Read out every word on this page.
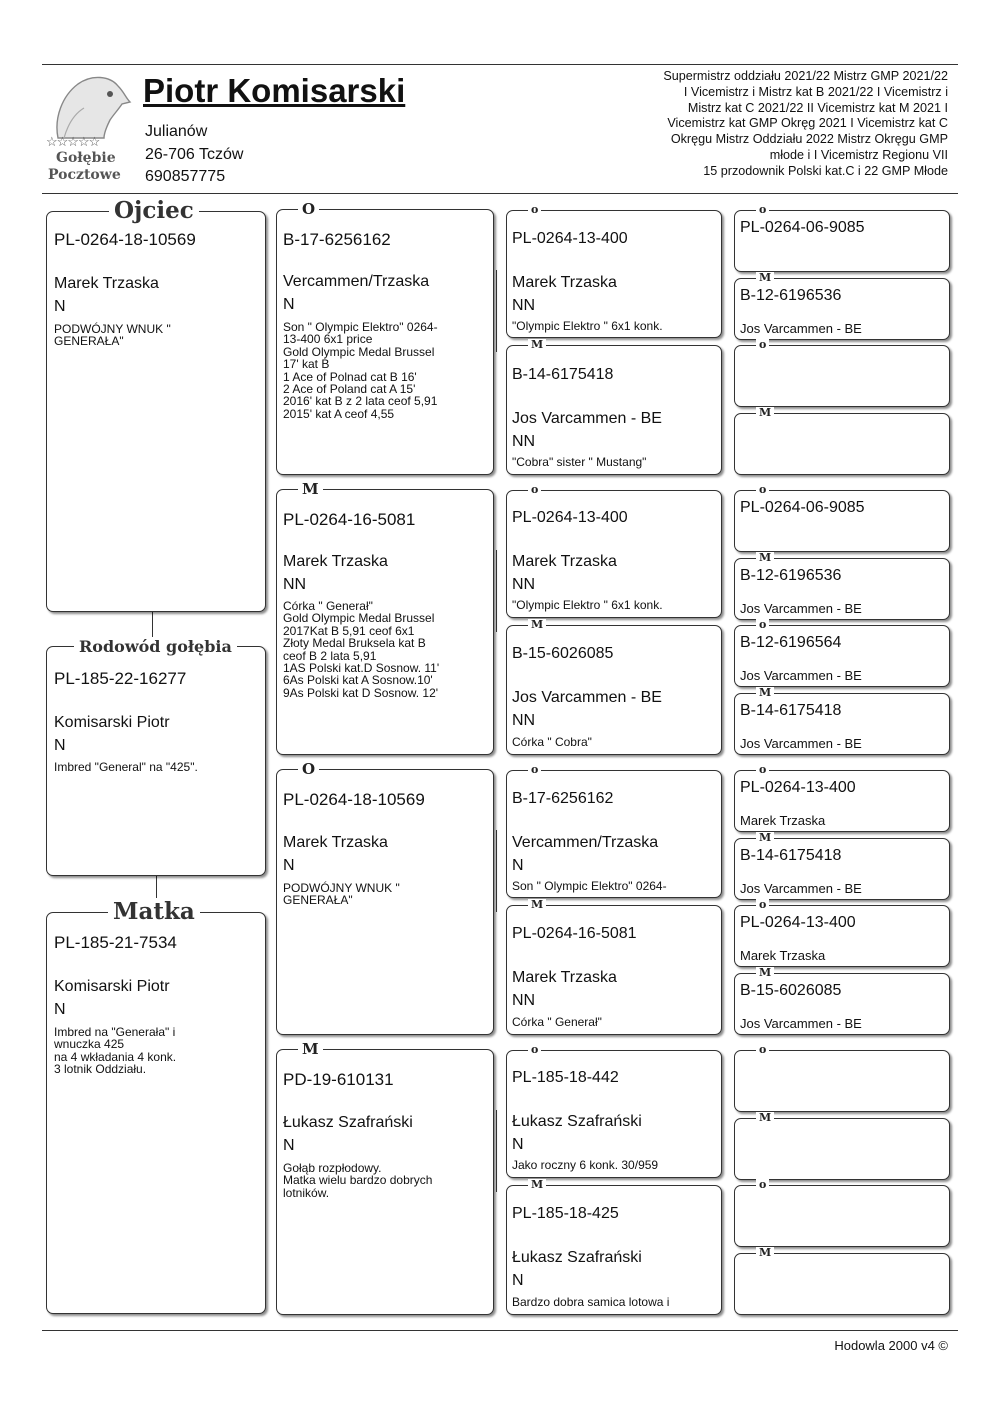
☆☆☆☆☆
Gołębie
Pocztowe
Piotr Komisarski
Julianów
26-706 Tczów
690857775
Supermistrz oddziału 2021/22 Mistrz GMP 2021/22
I Vicemistrz i Mistrz kat B 2021/22 I Vicemistrz i
Mistrz kat C 2021/22 II Vicemistrz kat M 2021 I
Vicemistrz kat GMP Okręg 2021 I Vicemistrz kat C
Okręgu Mistrz Oddziału 2022 Mistrz Okręgu GMP
młode i I Vicemistrz Regionu VII
15 przodownik Polski kat.C i 22 GMP Młode
PL-0264-18-10569
Marek Trzaska
N
PODWÓJNY WNUK "
GENERAŁA"
Ojciec
PL-185-22-16277
Komisarski Piotr
N
Imbred "General" na "425".
Rodowód gołębia
PL-185-21-7534
Komisarski Piotr
N
Imbred na "Generała" i
wnuczka 425
na 4 wkładania 4 konk.
3 lotnik Oddziału.
Matka
B-17-6256162
Vercammen/Trzaska
N
Son " Olympic Elektro" 0264-
13-400 6x1 price
Gold Olympic Medal Brussel
17' kat B
1 Ace of Polnad cat B 16'
2 Ace of Poland cat A 15'
2016' kat B z 2 lata ceof 5,91
2015' kat A ceof 4,55
O
PL-0264-16-5081
Marek Trzaska
NN
Córka " Generał"
Gold Olympic Medal Brussel
2017Kat B 5,91 ceof 6x1
Złoty Medal Bruksela kat B
ceof B 2 lata 5,91
1AS Polski kat.D Sosnow. 11'
6As Polski kat A Sosnow.10'
9As Polski kat D Sosnow. 12'
M
PL-0264-18-10569
Marek Trzaska
N
PODWÓJNY WNUK "
GENERAŁA"
O
PD-19-610131
Łukasz Szafrański
N
Gołąb rozpłodowy.
Matka wielu bardzo dobrych
lotników.
M
PL-0264-13-400
Marek Trzaska
NN
"Olympic Elektro " 6x1 konk.
o
B-14-6175418
Jos Varcammen - BE
NN
"Cobra" sister " Mustang"
M
PL-0264-13-400
Marek Trzaska
NN
"Olympic Elektro " 6x1 konk.
o
B-15-6026085
Jos Varcammen - BE
NN
Córka " Cobra"
M
B-17-6256162
Vercammen/Trzaska
N
Son " Olympic Elektro" 0264-
o
PL-0264-16-5081
Marek Trzaska
NN
Córka " Generał"
M
PL-185-18-442
Łukasz Szafrański
N
Jako roczny 6 konk. 30/959
o
PL-185-18-425
Łukasz Szafrański
N
Bardzo dobra samica lotowa i
M
PL-0264-06-9085
o
B-12-6196536
Jos Varcammen - BE
M
o
M
PL-0264-06-9085
o
B-12-6196536
Jos Varcammen - BE
M
B-12-6196564
Jos Varcammen - BE
o
B-14-6175418
Jos Varcammen - BE
M
PL-0264-13-400
Marek Trzaska
o
B-14-6175418
Jos Varcammen - BE
M
PL-0264-13-400
Marek Trzaska
o
B-15-6026085
Jos Varcammen - BE
M
o
M
o
M
Hodowla 2000 v4 ©
